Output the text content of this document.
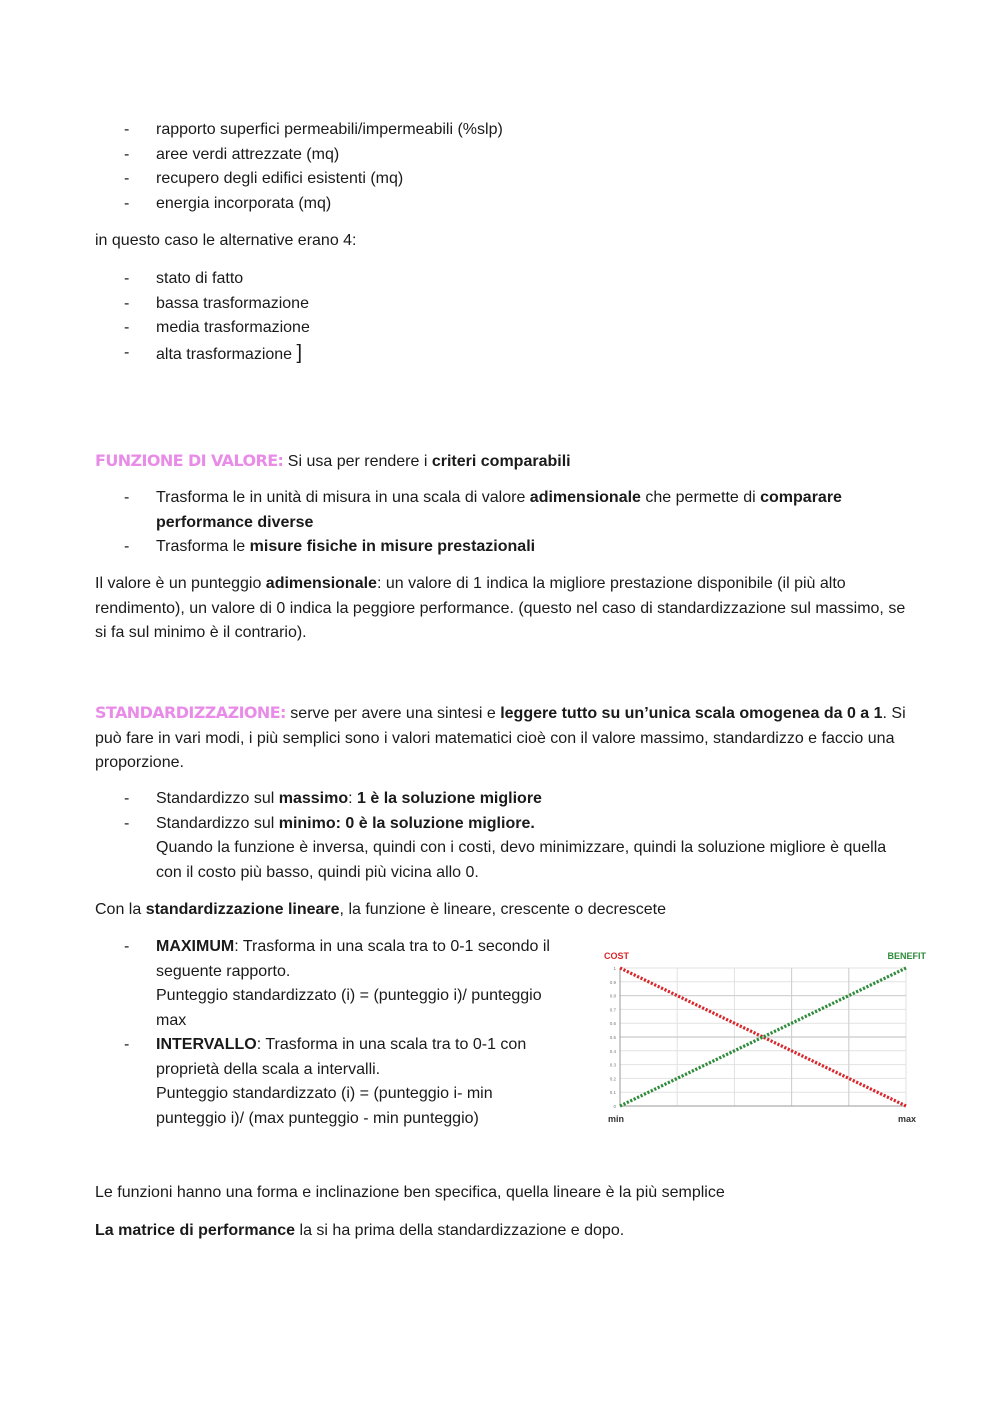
- rapporto superfici permeabili/impermeabili (%slp)
- aree verdi attrezzate (mq)
- recupero degli edifici esistenti (mq)
- energia incorporata (mq)

in questo caso le alternative erano 4:

- stato di fatto
- bassa trasformazione
- media trasformazione
- alta trasformazione ]

FUNZIONE DI VALORE: Si usa per rendere i criteri comparabili

- Trasforma le in unità di misura in una scala di valore adimensionale che permette di comparare performance diverse
- Trasforma le misure fisiche in misure prestazionali

Il valore è un punteggio adimensionale: un valore di 1 indica la migliore prestazione disponibile (il più alto rendimento), un valore di 0 indica la peggiore performance. (questo nel caso di standardizzazione sul massimo, se si fa sul minimo è il contrario).

STANDARDIZZAZIONE: serve per avere una sintesi e leggere tutto su un’unica scala omogenea da 0 a 1. Si può fare in vari modi, i più semplici sono i valori matematici cioè con il valore massimo, standardizzo e faccio una proporzione.

- Standardizzo sul massimo: 1 è la soluzione migliore
- Standardizzo sul minimo: 0 è la soluzione migliore.
Quando la funzione è inversa, quindi con i costi, devo minimizzare, quindi la soluzione migliore è quella con il costo più basso, quindi più vicina allo 0.

Con la standardizzazione lineare, la funzione è lineare, crescente o decrescete

- MAXIMUM: Trasforma in una scala tra to 0-1 secondo il seguente rapporto.
Punteggio standardizzato (i) = (punteggio i)/ punteggio max
- INTERVALLO: Trasforma in una scala tra to 0-1 con proprietà della scala a intervalli.
Punteggio standardizzato (i) = (punteggio i- min punteggio i)/ (max punteggio - min punteggio)
0
0.1
0.2
0.3
0.4
0.5
0.6
0.7
0.8
0.9
1
COST	BENEFIT
min	max

Le funzioni hanno una forma e inclinazione ben specifica, quella lineare è la più semplice

La matrice di performance la si ha prima della standardizzazione e dopo.
